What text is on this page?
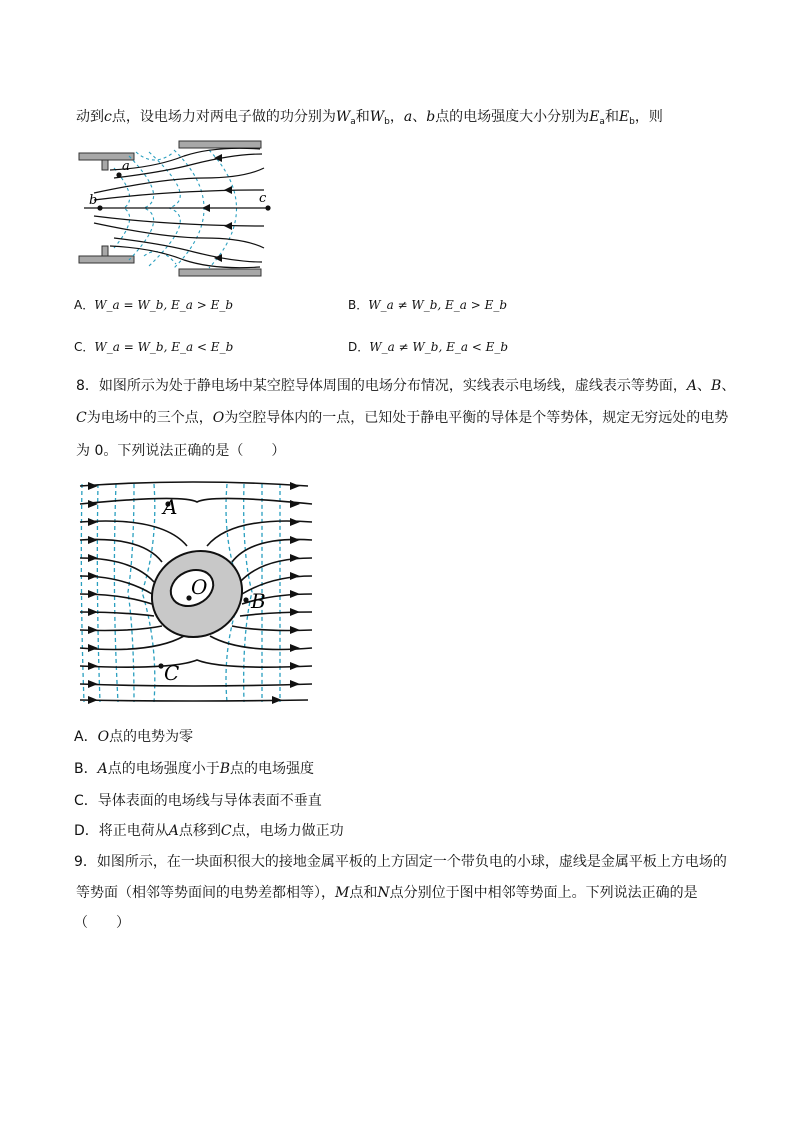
动到c点，设电场力对两电子做的功分别为$W_a$和$W_b$，a、b点的电场强度大小分别为$E_a$和$E_b$，则
a
b	c
A．W_a = W_b, E_a > E_b	B．W_a ≠ W_b, E_a > E_b
C．W_a = W_b, E_a < E_b	D．W_a ≠ W_b, E_a < E_b
8．如图所示为处于静电场中某空腔导体周围的电场分布情况，实线表示电场线，虚线表示等势面，A、B、
C为电场中的三个点，O为空腔导体内的一点，已知处于静电平衡的导体是个等势体，规定无穷远处的电势
为 0。下列说法正确的是（　　）
O
A
B
C
A．O点的电势为零
B．A点的电场强度小于B点的电场强度
C．导体表面的电场线与导体表面不垂直
D．将正电荷从A点移到C点，电场力做正功
9．如图所示，在一块面积很大的接地金属平板的上方固定一个带负电的小球，虚线是金属平板上方电场的
等势面（相邻等势面间的电势差都相等），M点和N点分别位于图中相邻等势面上。下列说法正确的是
（　　）
